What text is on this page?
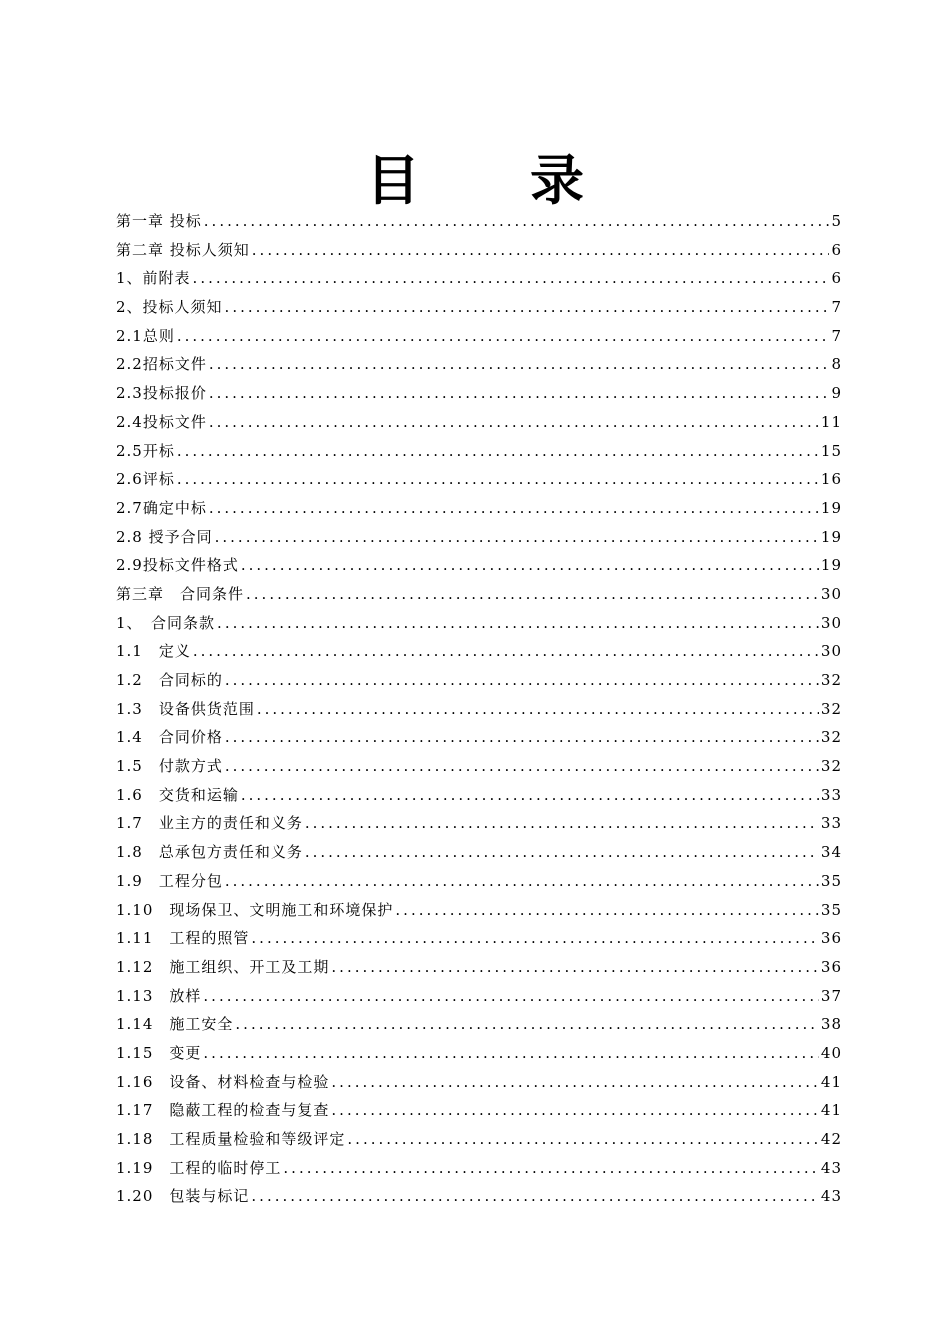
目 录
第一章 投标 .....	5
第二章 投标人须知 .....	6
1、前附表 .....	6
2、投标人须知 .....	7
2.1总则 .....	7
2.2招标文件 .....	8
2.3投标报价 .....	9
2.4投标文件 .....	11
2.5开标 .....	15
2.6评标 .....	16
2.7确定中标 .....	19
2.8 授予合同 .....	19
2.9投标文件格式 .....	19
第三章　合同条件 .....	30
1、　合同条款 .....	30
1.1　定义 .....	30
1.2　合同标的 .....	32
1.3　设备供货范围 .....	32
1.4　合同价格 .....	32
1.5　付款方式 .....	32
1.6　交货和运输 .....	33
1.7　业主方的责任和义务 .....	33
1.8　总承包方责任和义务 .....	34
1.9　工程分包 .....	35
1.10　现场保卫、文明施工和环境保护 .....	35
1.11　工程的照管 .....	36
1.12　施工组织、开工及工期 .....	36
1.13　放样 .....	37
1.14　施工安全 .....	38
1.15　变更 .....	40
1.16　设备、材料检查与检验 .....	41
1.17　隐蔽工程的检查与复查 .....	41
1.18　工程质量检验和等级评定 .....	42
1.19　工程的临时停工 .....	43
1.20　包装与标记 .....	43
